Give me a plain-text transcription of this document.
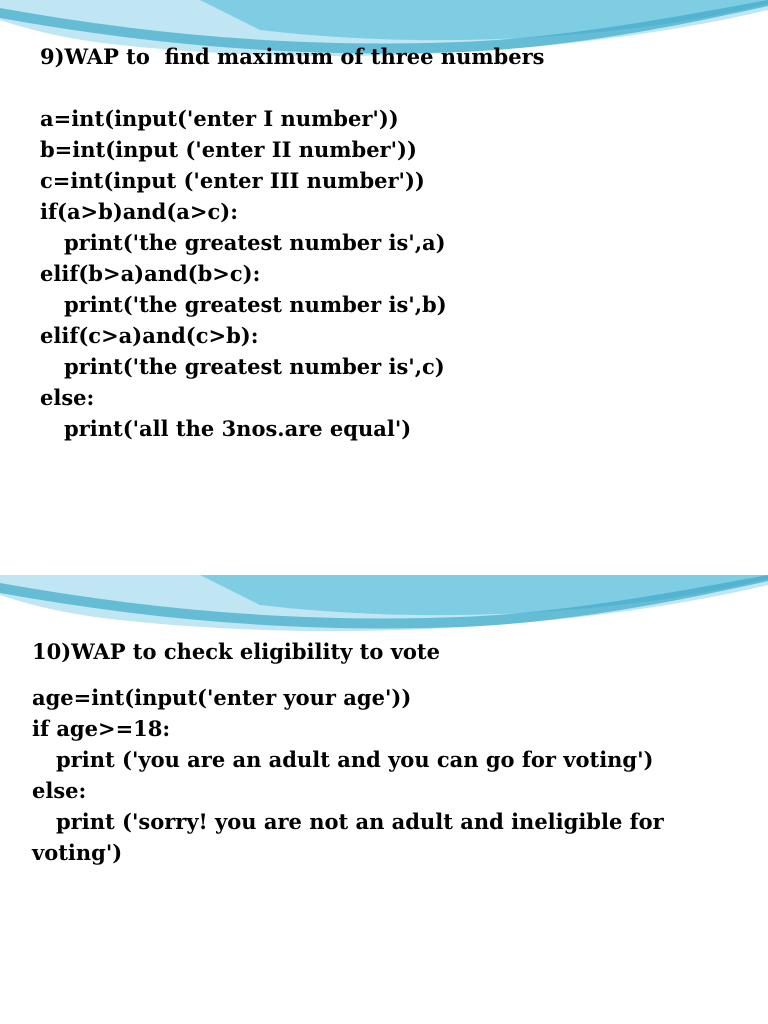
9)WAP to  find maximum of three numbers
a=int(input('enter I number'))
b=int(input ('enter II number'))
c=int(input ('enter III number'))
if(a>b)and(a>c):
print('the greatest number is',a)
elif(b>a)and(b>c):
print('the greatest number is',b)
elif(c>a)and(c>b):
print('the greatest number is',c)
else:
print('all the 3nos.are equal')
10)WAP to check eligibility to vote
age=int(input('enter your age'))
if age>=18:
print ('you are an adult and you can go for voting')
else:
print ('sorry! you are not an adult and ineligible for
voting')
